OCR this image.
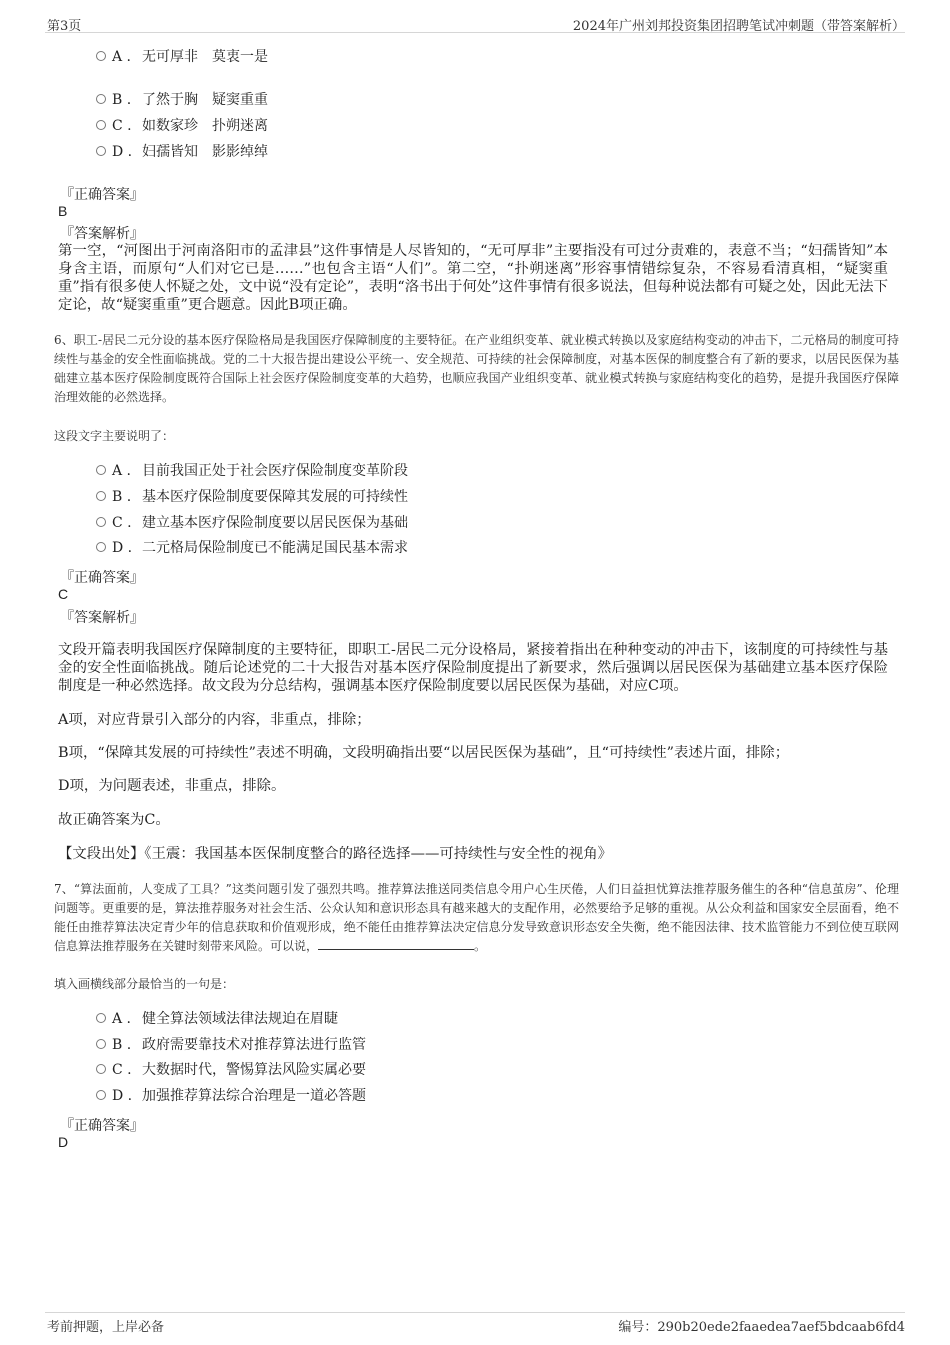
第3页	2024年广州刘邦投资集团招聘笔试冲刺题（带答案解析）
A . 无可厚非　莫衷一是
B . 了然于胸　疑窦重重
C . 如数家珍　扑朔迷离
D . 妇孺皆知　影影绰绰
『正确答案』
B
『答案解析』
第一空，“河图出于河南洛阳市的孟津县”这件事情是人尽皆知的，“无可厚非”主要指没有可过分责难的，表意不当；“妇孺皆知”本身含主语，而原句“人们对它已是……”也包含主语“人们”。第二空，“扑朔迷离”形容事情错综复杂，不容易看清真相，“疑窦重重”指有很多使人怀疑之处，文中说“没有定论”，表明“洛书出于何处”这件事情有很多说法，但每种说法都有可疑之处，因此无法下定论，故“疑窦重重”更合题意。因此B项正确。
6、职工-居民二元分设的基本医疗保险格局是我国医疗保障制度的主要特征。在产业组织变革、就业模式转换以及家庭结构变动的冲击下，二元格局的制度可持续性与基金的安全性面临挑战。党的二十大报告提出建设公平统一、安全规范、可持续的社会保障制度，对基本医保的制度整合有了新的要求，以居民医保为基础建立基本医疗保险制度既符合国际上社会医疗保险制度变革的大趋势，也顺应我国产业组织变革、就业模式转换与家庭结构变化的趋势，是提升我国医疗保障治理效能的必然选择。
这段文字主要说明了：
A . 目前我国正处于社会医疗保险制度变革阶段
B . 基本医疗保险制度要保障其发展的可持续性
C . 建立基本医疗保险制度要以居民医保为基础
D . 二元格局保险制度已不能满足国民基本需求
『正确答案』
C
『答案解析』
文段开篇表明我国医疗保障制度的主要特征，即职工-居民二元分设格局，紧接着指出在种种变动的冲击下，该制度的可持续性与基金的安全性面临挑战。随后论述党的二十大报告对基本医疗保险制度提出了新要求，然后强调以居民医保为基础建立基本医疗保险制度是一种必然选择。故文段为分总结构，强调基本医疗保险制度要以居民医保为基础，对应C项。
A项，对应背景引入部分的内容，非重点，排除；
B项，“保障其发展的可持续性”表述不明确，文段明确指出要“以居民医保为基础”，且“可持续性”表述片面，排除；
D项，为问题表述，非重点，排除。
故正确答案为C。
【文段出处】《王震：我国基本医保制度整合的路径选择——可持续性与安全性的视角》
7、“算法面前，人变成了工具？”这类问题引发了强烈共鸣。推荐算法推送同类信息令用户心生厌倦，人们日益担忧算法推荐服务催生的各种“信息茧房”、伦理问题等。更重要的是，算法推荐服务对社会生活、公众认知和意识形态具有越来越大的支配作用，必然要给予足够的重视。从公众利益和国家安全层面看，绝不能任由推荐算法决定青少年的信息获取和价值观形成，绝不能任由推荐算法决定信息分发导致意识形态安全失衡，绝不能因法律、技术监管能力不到位使互联网信息算法推荐服务在关键时刻带来风险。可以说，	。
填入画横线部分最恰当的一句是：
A . 健全算法领域法律法规迫在眉睫
B . 政府需要靠技术对推荐算法进行监管
C . 大数据时代，警惕算法风险实属必要
D . 加强推荐算法综合治理是一道必答题
『正确答案』
D
考前押题，上岸必备	编号：290b20ede2faaedea7aef5bdcaab6fd4
